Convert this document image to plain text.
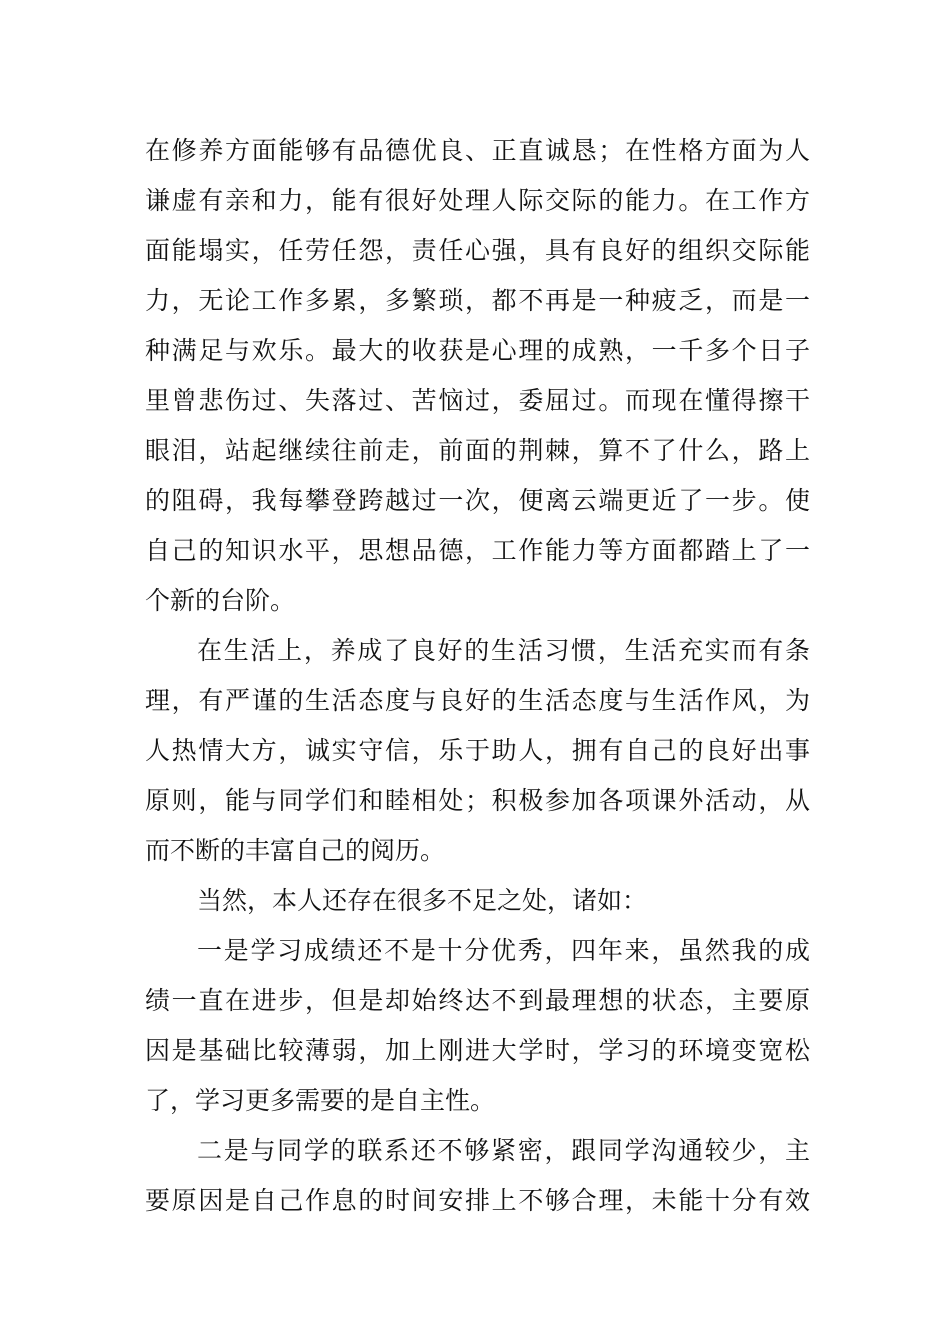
在修养方面能够有品德优良、正直诚恳；在性格方面为人
谦虚有亲和力，能有很好处理人际交际的能力。在工作方
面能塌实，任劳任怨，责任心强，具有良好的组织交际能
力，无论工作多累，多繁琐，都不再是一种疲乏，而是一
种满足与欢乐。最大的收获是心理的成熟，一千多个日子
里曾悲伤过、失落过、苦恼过，委屈过。而现在懂得擦干
眼泪，站起继续往前走，前面的荆棘，算不了什么，路上
的阻碍，我每攀登跨越过一次，便离云端更近了一步。使
自己的知识水平，思想品德，工作能力等方面都踏上了一
个新的台阶。
在生活上，养成了良好的生活习惯，生活充实而有条
理，有严谨的生活态度与良好的生活态度与生活作风，为
人热情大方，诚实守信，乐于助人，拥有自己的良好出事
原则，能与同学们和睦相处；积极参加各项课外活动，从
而不断的丰富自己的阅历。
当然，本人还存在很多不足之处，诸如：
一是学习成绩还不是十分优秀，四年来，虽然我的成
绩一直在进步，但是却始终达不到最理想的状态，主要原
因是基础比较薄弱，加上刚进大学时，学习的环境变宽松
了，学习更多需要的是自主性。
二是与同学的联系还不够紧密，跟同学沟通较少，主
要原因是自己作息的时间安排上不够合理，未能十分有效
